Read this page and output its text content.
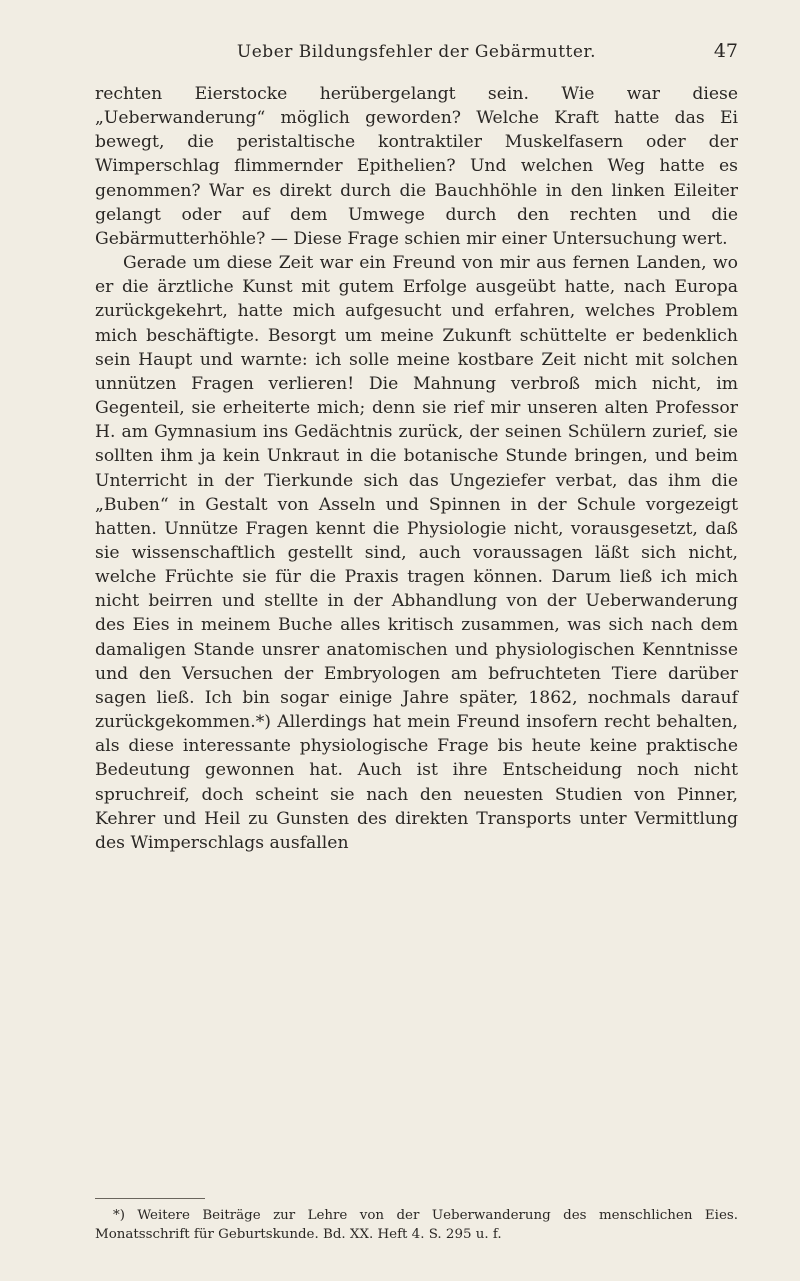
Ueber Bildungsfehler der Gebärmutter.	47

rechten Eierstocke herübergelangt sein. Wie war diese „Ueberwanderung“ möglich geworden? Welche Kraft hatte das Ei bewegt, die peristaltische kontraktiler Muskelfasern oder der Wimperschlag flimmernder Epithelien? Und welchen Weg hatte es genommen? War es direkt durch die Bauchhöhle in den linken Eileiter gelangt oder auf dem Umwege durch den rechten und die Gebärmutterhöhle? — Diese Frage schien mir einer Untersuchung wert.

Gerade um diese Zeit war ein Freund von mir aus fernen Landen, wo er die ärztliche Kunst mit gutem Erfolge ausgeübt hatte, nach Europa zurückgekehrt, hatte mich aufgesucht und erfahren, welches Problem mich beschäftigte. Besorgt um meine Zukunft schüttelte er bedenklich sein Haupt und warnte: ich solle meine kostbare Zeit nicht mit solchen unnützen Fragen verlieren! Die Mahnung verbroß mich nicht, im Gegenteil, sie erheiterte mich; denn sie rief mir unseren alten Professor H. am Gymnasium ins Gedächtnis zurück, der seinen Schülern zurief, sie sollten ihm ja kein Unkraut in die botanische Stunde bringen, und beim Unterricht in der Tierkunde sich das Ungeziefer verbat, das ihm die „Buben“ in Gestalt von Asseln und Spinnen in der Schule vorgezeigt hatten. Unnütze Fragen kennt die Physiologie nicht, vorausgesetzt, daß sie wissenschaftlich gestellt sind, auch voraussagen läßt sich nicht, welche Früchte sie für die Praxis tragen können. Darum ließ ich mich nicht beirren und stellte in der Abhandlung von der Ueberwanderung des Eies in meinem Buche alles kritisch zusammen, was sich nach dem damaligen Stande unsrer anatomischen und physiologischen Kenntnisse und den Versuchen der Embryologen am befruchteten Tiere darüber sagen ließ. Ich bin sogar einige Jahre später, 1862, nochmals darauf zurückgekommen.*) Allerdings hat mein Freund insofern recht behalten, als diese interessante physiologische Frage bis heute keine praktische Bedeutung gewonnen hat. Auch ist ihre Entscheidung noch nicht spruchreif, doch scheint sie nach den neuesten Studien von Pinner, Kehrer und Heil zu Gunsten des direkten Transports unter Vermittlung des Wimperschlags ausfallen

*) Weitere Beiträge zur Lehre von der Ueberwanderung des menschlichen Eies. Monatsschrift für Geburtskunde. Bd. XX. Heft 4. S. 295 u. f.
